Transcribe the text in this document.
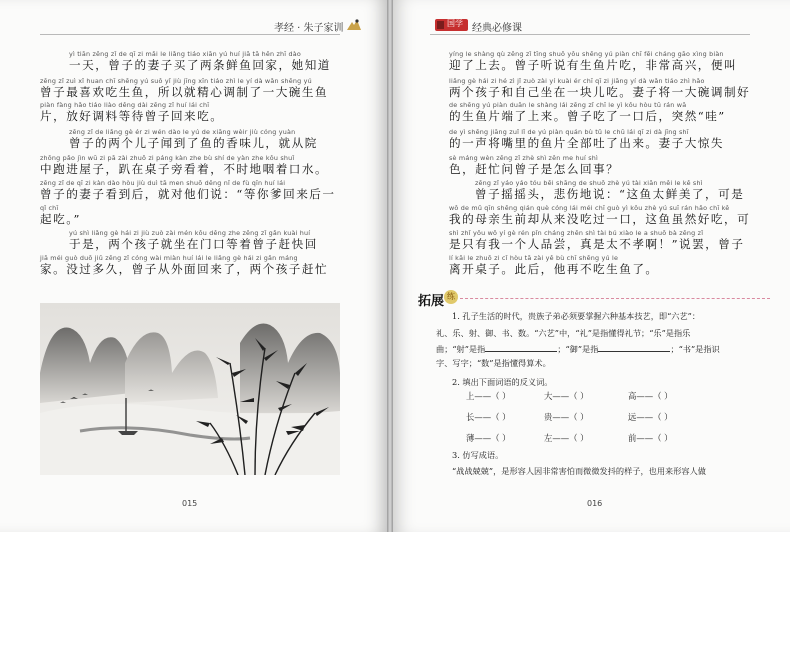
孝经 · 朱子家训
yì tiān zēng zǐ de qī zi mǎi le liǎng tiáo xiān yú huí jiā tā hěn zhī dào
一天，曾子的妻子买了两条鲜鱼回家，她知道
zēng zǐ zuì xǐ huan chī shēng yú suǒ yǐ jiù jīng xīn tiáo zhì le yí dà wǎn shēng yú
曾子最喜欢吃生鱼，所以就精心调制了一大碗生鱼
piàn fàng hǎo tiáo liào děng dài zēng zǐ huí lái chī
片，放好调料等待曾子回来吃。
zēng zǐ de liǎng gè ér zi wén dào le yú de xiāng wèir jiù cóng yuàn
曾子的两个儿子闻到了鱼的香味儿，就从院
zhōng pǎo jìn wū zi pā zài zhuō zi páng kàn zhe bù shí de yàn zhe kǒu shuǐ
中跑进屋子，趴在桌子旁看着，不时地咽着口水。
zēng zǐ de qī zi kàn dào hòu jiù duì tā men shuō děng nǐ de fù qīn huí lái
曾子的妻子看到后，就对他们说：“等你爹回来后一
qǐ chī
起吃。”
yú shì liǎng gè hái zi jiù zuò zài mén kǒu děng zhe zēng zǐ gǎn kuài huí
于是，两个孩子就坐在门口等着曾子赶快回
jiā méi guò duō jiǔ zēng zǐ cóng wài miàn huí lái le liǎng gè hái zi gǎn máng
家。没过多久，曾子从外面回来了，两个孩子赶忙
015
国学 经典必修课
yíng le shàng qù zēng zǐ tīng shuō yǒu shēng yú piàn chī fēi cháng gāo xìng biàn
迎了上去。曾子听说有生鱼片吃，非常高兴，便叫
liǎng gè hái zi hé zì jǐ zuò zài yí kuài ér chī qī zi jiāng yí dà wǎn tiáo zhì hǎo
两个孩子和自己坐在一块儿吃。妻子将一大碗调制好
de shēng yú piàn duān le shàng lái zēng zǐ chī le yì kǒu hòu tū rán wā
的生鱼片端了上来。曾子吃了一口后，突然“哇”
de yì shēng jiāng zuǐ lǐ de yú piàn quán bù tǔ le chū lái qī zi dà jīng shī
的一声将嘴里的鱼片全部吐了出来。妻子大惊失
sè máng wèn zēng zǐ zhè shì zěn me huí shì
色，赶忙问曾子是怎么回事？
zēng zǐ yáo yáo tóu bēi shāng de shuō zhè yú tài xiān měi le kě shì
曾子摇摇头，悲伤地说：“这鱼太鲜美了，可是
wǒ de mǔ qīn shēng qián què cóng lái méi chī guò yì kǒu zhè yú suī rán hǎo chī kě
我的母亲生前却从来没吃过一口，这鱼虽然好吃，可
shì zhǐ yǒu wǒ yí gè rén pǐn cháng zhēn shì tài bú xiào le a shuō bà zēng zǐ
是只有我一个人品尝，真是太不孝啊！”说罢，曾子
lí kāi le zhuō zi cǐ hòu tā zài yě bù chī shēng yú le
离开桌子。此后，他再不吃生鱼了。
拓展 练
1. 孔子生活的时代，贵族子弟必须要掌握六种基本技艺，即“六艺”：
礼、乐、射、御、书、数。“六艺”中，“礼”是指懂得礼节；“乐”是指乐
曲；“射”是指	；“御”是指	；“书”是指识
字、写字；“数”是指懂得算术。
2. 填出下面词语的反义词。
上——（ ）	大——（ ）	高——（ ）
长——（ ）	贵——（ ）	远——（ ）
薄——（ ）	左——（ ）	前——（ ）
3. 仿写成语。
“战战兢兢”，是形容人因非常害怕而微微发抖的样子，也用来形容人做
016
